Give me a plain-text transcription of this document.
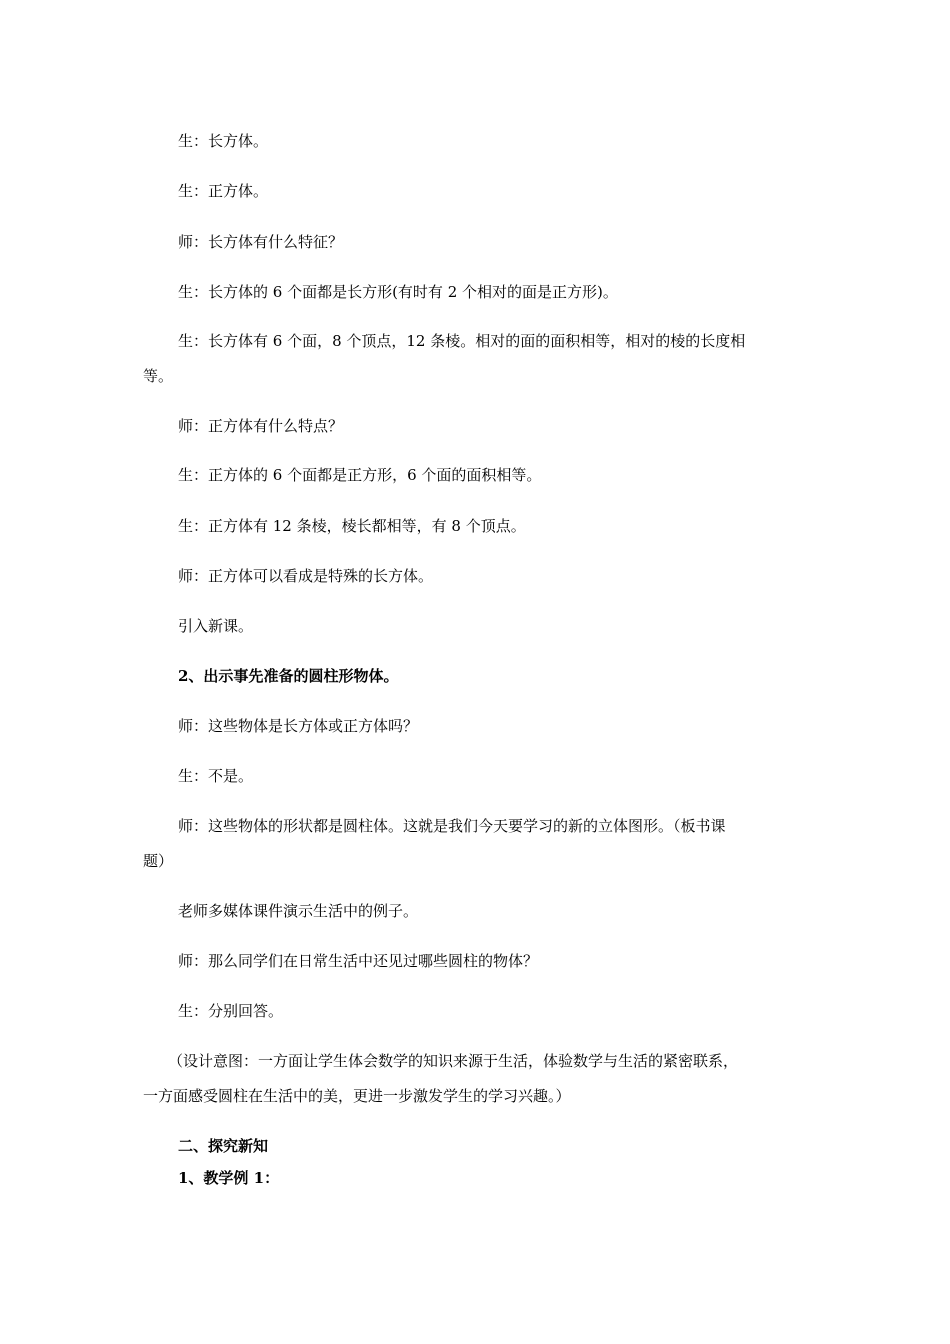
生：长方体。
生：正方体。
师：长方体有什么特征？
生：长方体的 6 个面都是长方形(有时有 2 个相对的面是正方形)。
生：长方体有 6 个面，8 个顶点，12 条棱。相对的面的面积相等，相对的棱的长度相
等。
师：正方体有什么特点？
生：正方体的 6 个面都是正方形，6 个面的面积相等。
生：正方体有 12 条棱，棱长都相等，有 8 个顶点。
师：正方体可以看成是特殊的长方体。
引入新课。
2、出示事先准备的圆柱形物体。
师：这些物体是长方体或正方体吗？
生：不是。
师：这些物体的形状都是圆柱体。这就是我们今天要学习的新的立体图形。（板书课
题）
老师多媒体课件演示生活中的例子。
师：那么同学们在日常生活中还见过哪些圆柱的物体？
生：分别回答。
（设计意图：一方面让学生体会数学的知识来源于生活，体验数学与生活的紧密联系，
一方面感受圆柱在生活中的美，更进一步激发学生的学习兴趣。）
二、探究新知
1、教学例 1：
